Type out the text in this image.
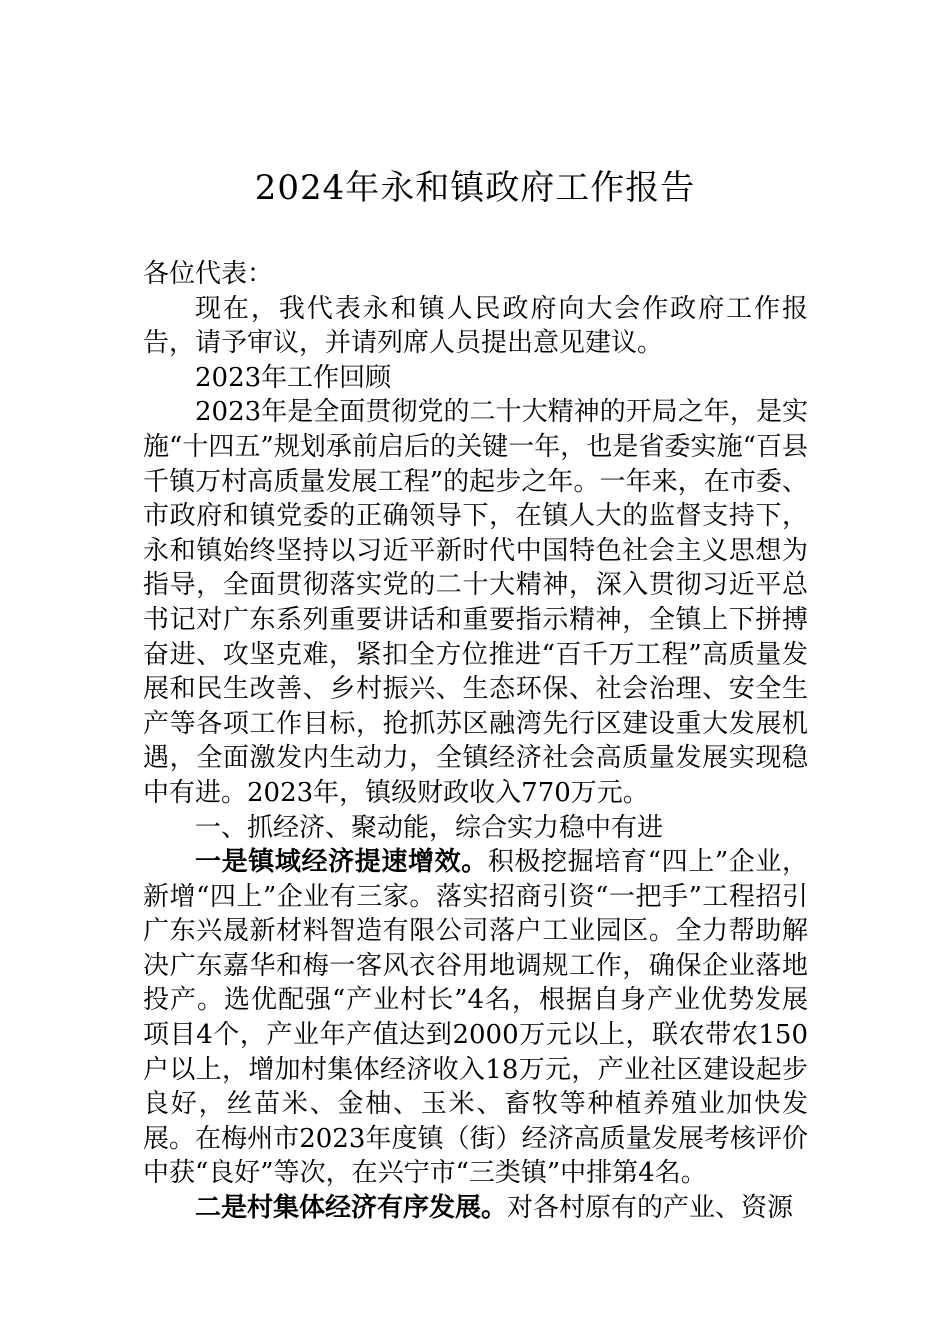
2024年永和镇政府工作报告

各位代表：

现在，我代表永和镇人民政府向大会作政府工作报告，请予审议，并请列席人员提出意见建议。

2023年工作回顾

2023年是全面贯彻党的二十大精神的开局之年，是实施“十四五”规划承前启后的关键一年，也是省委实施“百县千镇万村高质量发展工程”的起步之年。一年来，在市委、市政府和镇党委的正确领导下，在镇人大的监督支持下，永和镇始终坚持以习近平新时代中国特色社会主义思想为指导，全面贯彻落实党的二十大精神，深入贯彻习近平总书记对广东系列重要讲话和重要指示精神，全镇上下拼搏奋进、攻坚克难，紧扣全方位推进“百千万工程”高质量发展和民生改善、乡村振兴、生态环保、社会治理、安全生产等各项工作目标，抢抓苏区融湾先行区建设重大发展机遇，全面激发内生动力，全镇经济社会高质量发展实现稳中有进。2023年，镇级财政收入770万元。

一、抓经济、聚动能，综合实力稳中有进

一是镇域经济提速增效。积极挖掘培育“四上”企业，新增“四上”企业有三家。落实招商引资“一把手”工程招引广东兴晟新材料智造有限公司落户工业园区。全力帮助解决广东嘉华和梅一客风衣谷用地调规工作，确保企业落地投产。选优配强“产业村长”4名，根据自身产业优势发展项目4个，产业年产值达到2000万元以上，联农带农150户以上，增加村集体经济收入18万元，产业社区建设起步良好，丝苗米、金柚、玉米、畜牧等种植养殖业加快发展。在梅州市2023年度镇（街）经济高质量发展考核评价中获“良好”等次，在兴宁市“三类镇”中排第4名。

二是村集体经济有序发展。对各村原有的产业、资源
